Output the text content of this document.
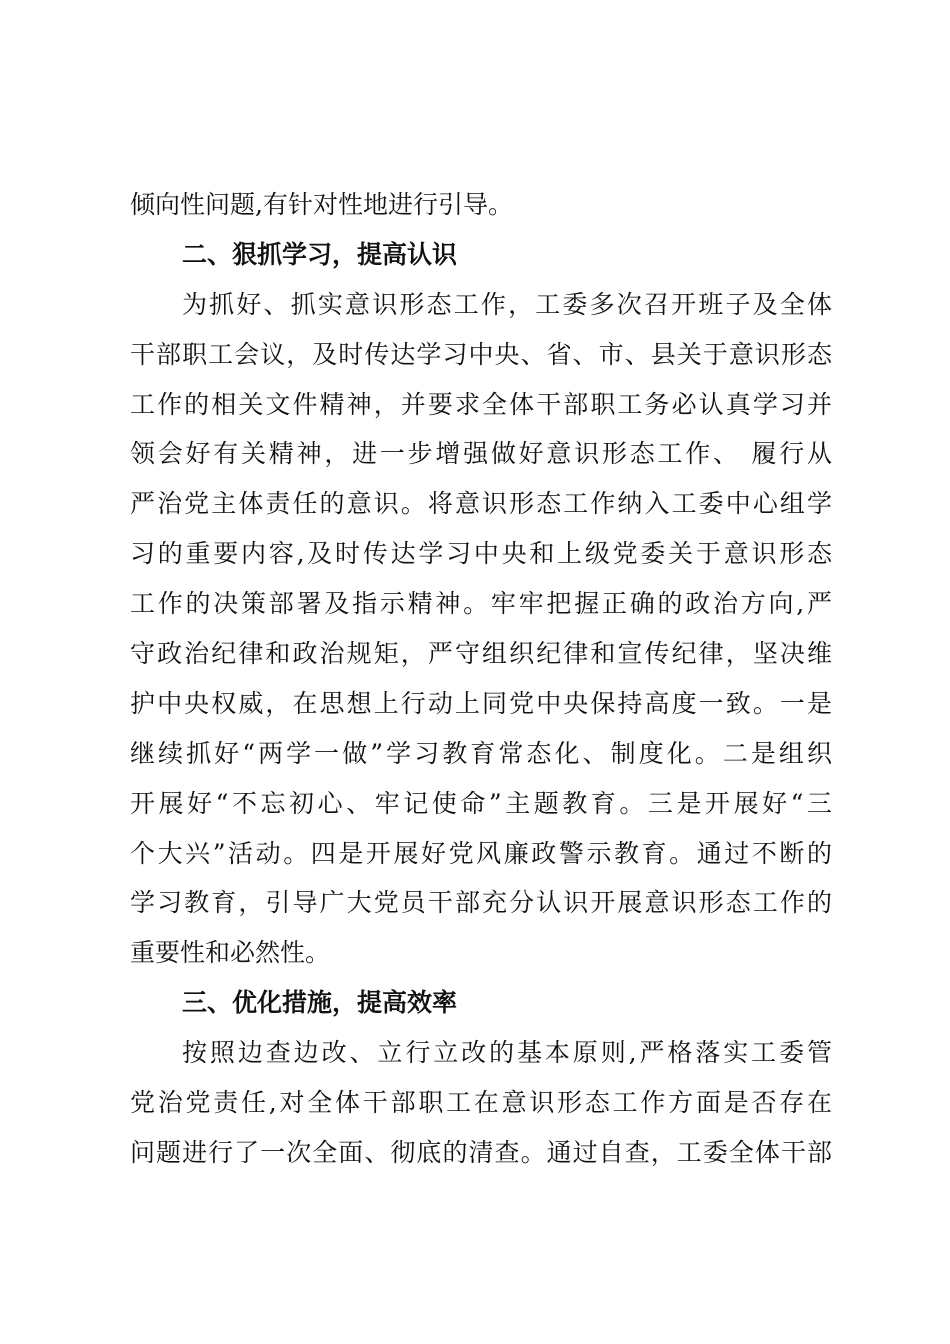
倾向性问题,有针对性地进行引导。
二、狠抓学习，提高认识
为抓好、抓实意识形态工作，工委多次召开班子及全体
干部职工会议，及时传达学习中央、省、市、县关于意识形态
工作的相关文件精神，并要求全体干部职工务必认真学习并
领会好有关精神，进一步增强做好意识形态工作、 履行从
严治党主体责任的意识。将意识形态工作纳入工委中心组学
习的重要内容,及时传达学习中央和上级党委关于意识形态
工作的决策部署及指示精神。牢牢把握正确的政治方向,严
守政治纪律和政治规矩，严守组织纪律和宣传纪律，坚决维
护中央权威，在思想上行动上同党中央保持高度一致。一是
继续抓好“两学一做”学习教育常态化、制度化。二是组织
开展好“不忘初心、牢记使命”主题教育。三是开展好“三
个大兴”活动。四是开展好党风廉政警示教育。通过不断的
学习教育，引导广大党员干部充分认识开展意识形态工作的
重要性和必然性。
三、优化措施，提高效率
按照边查边改、立行立改的基本原则,严格落实工委管
党治党责任,对全体干部职工在意识形态工作方面是否存在
问题进行了一次全面、彻底的清查。通过自查，工委全体干部
